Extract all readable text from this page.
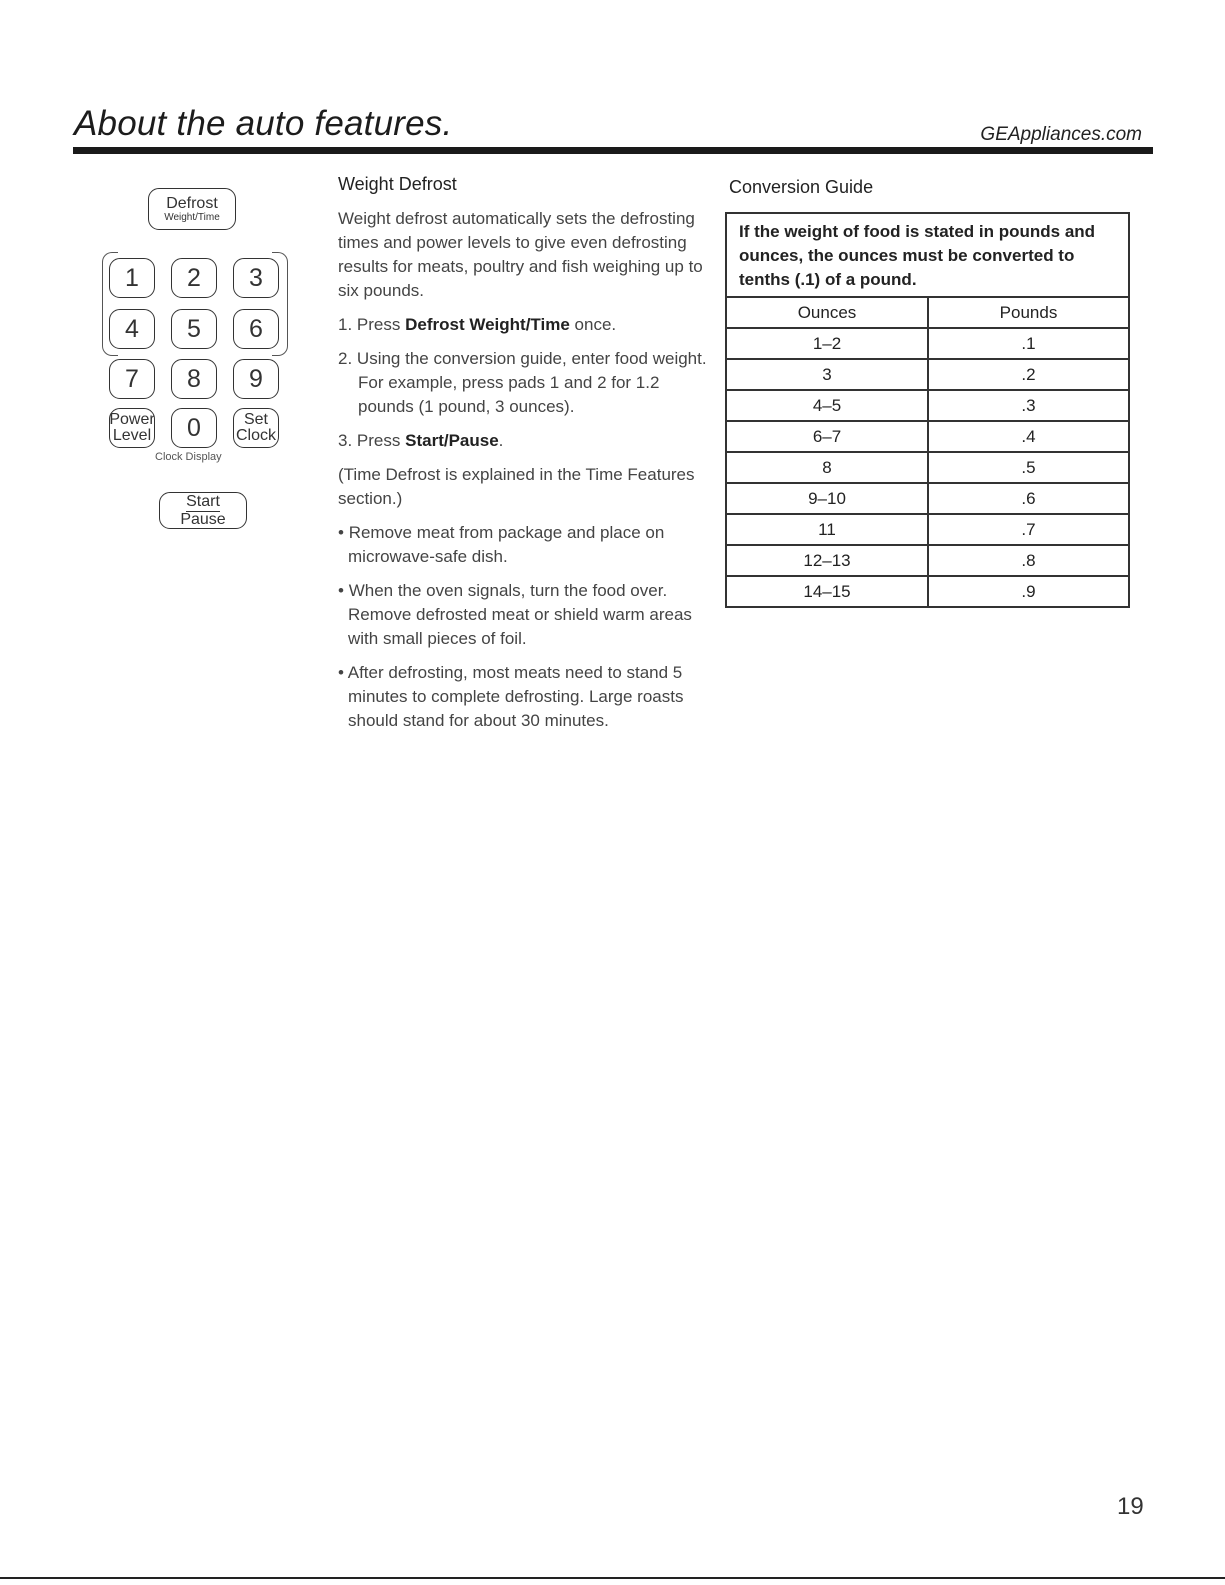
About the auto features.	GEAppliances.com
Defrost
Weight/Time
1 2 3
4 5 6
7 8 9
Power
Level 0	Set
Clock
Clock Display
Start
Pause
Weight Defrost

Weight defrost automatically sets the defrosting times and power levels to give even defrosting results for meats, poultry and fish weighing up to six pounds.

1. Press Defrost Weight/Time once.

2. Using the conversion guide, enter food weight. For example, press pads 1 and 2 for 1.2 pounds (1 pound, 3 ounces).

3. Press Start/Pause.

(Time Defrost is explained in the Time Features section.)

• Remove meat from package and place on microwave-safe dish.

• When the oven signals, turn the food over. Remove defrosted meat or shield warm areas with small pieces of foil.

• After defrosting, most meats need to stand 5 minutes to complete defrosting. Large roasts should stand for about 30 minutes.

Conversion Guide
If the weight of food is stated in pounds and ounces, the ounces must be converted to tenths (.1) of a pound.
Ounces	Pounds
1–2	.1
3	.2
4–5	.3
6–7	.4
8	.5
9–10	.6
11	.7
12–13	.8
14–15	.9
19
